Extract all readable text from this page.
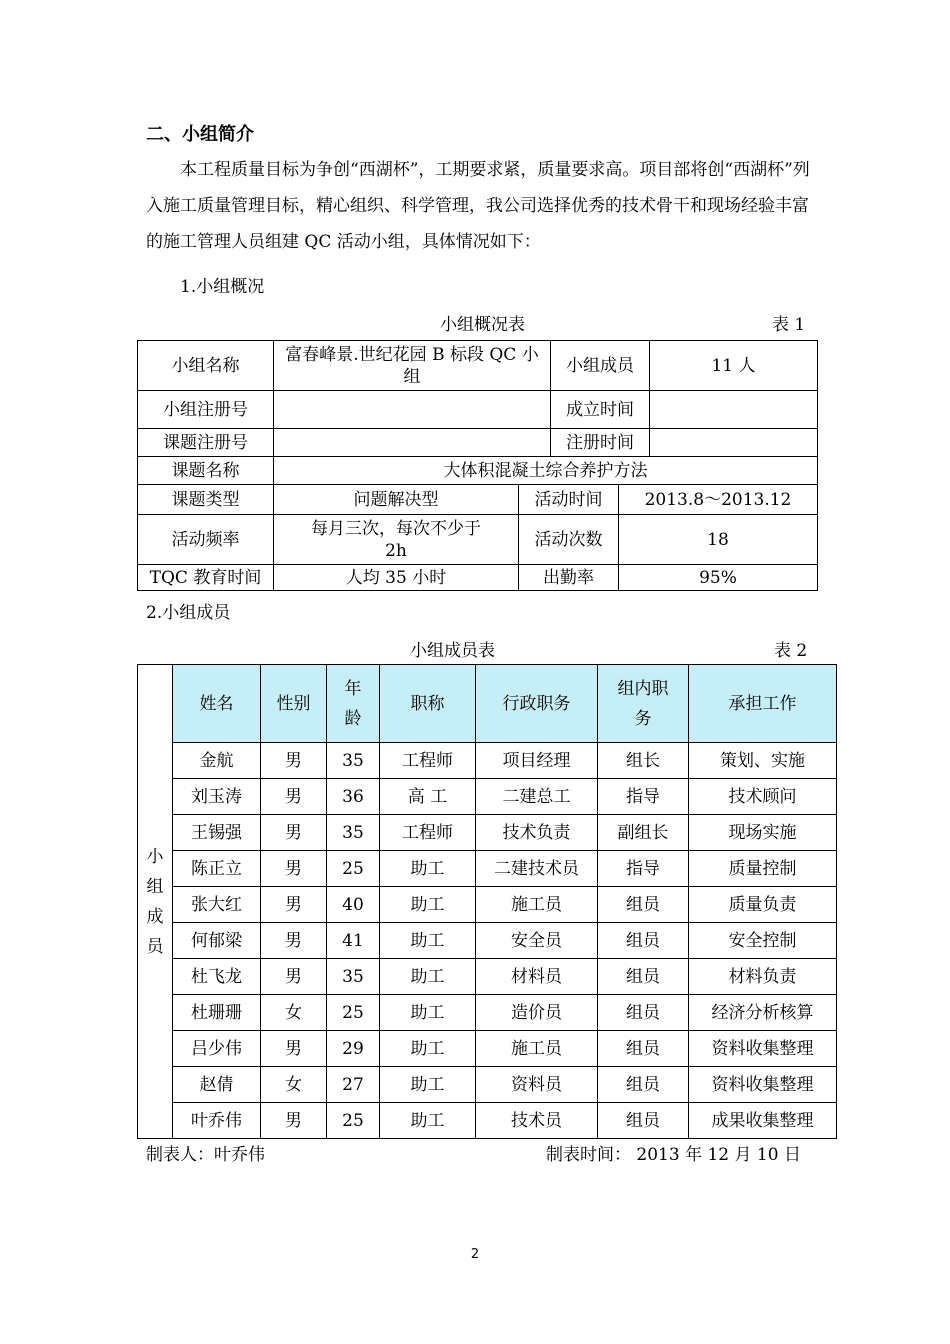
二、小组简介
本工程质量目标为争创“西湖杯”，工期要求紧，质量要求高。项目部将创“西湖杯”列入施工质量管理目标，精心组织、科学管理，我公司选择优秀的技术骨干和现场经验丰富的施工管理人员组建 QC 活动小组，具体情况如下：
1.小组概况
小组概况表	表 1
小组名称	富春峰景.世纪花园 B 标段 QC 小组		小组成员		11 人
小组注册号			成立时间		
课题注册号			注册时间		
课题名称	大体积混凝土综合养护方法				
课题类型	问题解决型	活动时间		2013.8～2013.12	
活动频率	每月三次，每次不少于 2h	活动次数		18	
TQC 教育时间	人均 35 小时	出勤率		95%	
2.小组成员
小组成员表	表 2
小
组
成
员	姓名	性别	年龄	职称	行政职务	组内职务	承担工作
	金航	男	35	工程师	项目经理	组长	策划、实施
	刘玉涛	男	36	高 工	二建总工	指导	技术顾问
	王锡强	男	35	工程师	技术负责	副组长	现场实施
	陈正立	男	25	助工	二建技术员	指导	质量控制
	张大红	男	40	助工	施工员	组员	质量负责
	何郁梁	男	41	助工	安全员	组员	安全控制
	杜飞龙	男	35	助工	材料员	组员	材料负责
	杜珊珊	女	25	助工	造价员	组员	经济分析核算
	吕少伟	男	29	助工	施工员	组员	资料收集整理
	赵倩	女	27	助工	资料员	组员	资料收集整理
	叶乔伟	男	25	助工	技术员	组员	成果收集整理
制表人：叶乔伟	制表时间： 2013 年 12 月 10 日
2
